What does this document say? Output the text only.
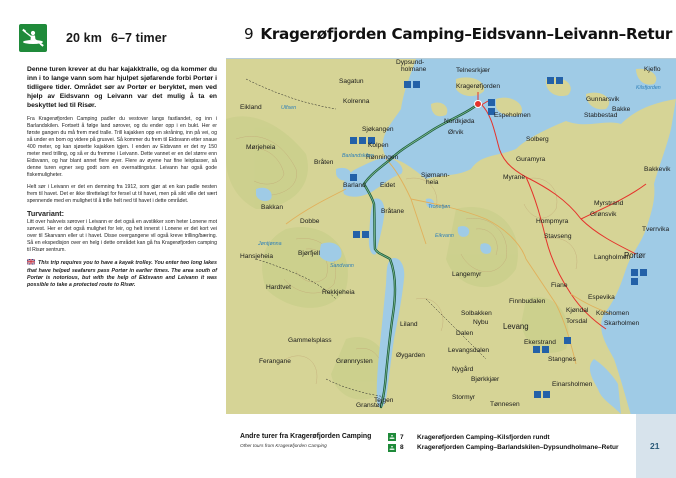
20 km 6–7 timer

Denne turen krever at du har kajakktralle, og da kommer du inn i to lange vann som har hjulpet sjøfarende forbi Portør i tidligere tider. Området sør av Portør er beryktet, men ved hjelp av Eidsvann og Leivann var det mulig å ta en beskyttet led til Risør.

Fra Kragerøfjorden Camping padler du vestover langs fastlandet, og inn i Barlandskilen. Fortsett å følge land sørover, og du ender opp i en bukt. Her er første gangen du må frem med tralle. Trill kajakken opp en skråning, inn på vei, og så under en bom og videre på grusvei. Så kommer du frem til Eidsvann etter snaue 400 meter, og kan sjøsette kajakken igjen. I enden av Eidsvann er det ny 150 meter med trilling, og så er du fremme i Leivann. Dette vannet er en del større enn Eidsvann, og har blant annet flere øyer. Flere av øyene har fine leirplasser, så denne turen egner seg godt som en overnattingstur. Leivann har også gode fiskemuligheter.

Helt sør i Leivann er det en demning fra 1912, som gjør at en kan padle nesten frem til havet. Det er ikke tilrettelagt for fersel ut til havet, men på sikt ville det vært spennende med en mulighet til å trille helt ned til havet i dette området.

Turvariant:

Litt over halvveis sørover i Leivann er det også en avstikker som heter Lonene mot sørvest. Her er det også mulighet for leir, og helt innerst i Lonene er det kort vei over til Skarvann eller ut i havet. Disse overgangene vil også kreve trilling/bæring. Så en ekspedisjon over en helg i dette området kan gå fra Kragerøfjorden camping til Risør sentrum.

This trip requires you to have a kayak trolley. You enter two long lakes that have helped seafarers pass Portør in earlier times. The area south of Portør is notorious, but with the help of Eidsvann and Leivann it was possible to take a protected route to Risør.

9 Kragerøfjorden Camping–Eidsvann–Leivann–Retur
Sagatun
Kolrenna
Eikland	Ulfsen
Mørjeheia
Bråten
Sjøkangen
Kolpen
Rønningen
Barlandskilen
Barland Eidet
Bråtane
Bakkan
Dobbe
Jøntjønna
Hansjeheia	Bjørfjell
Sandvann
Hardtvet
Rekkjeheia
Gammelsplass
Grønnrysten
Ferangane
Granstøl
Tejgen
Telnesrkjær
Dypsund-
holmane
Kragerøfjorden
Espeholmen
Nordkjøda
Ørvik
Solberg
Guramyra
Myrane
Sjømann-
heia
Tronetjøn
Eikvann
Hompmyra
Stavseng
Langemyr
Fiane
Finnbudalen
Solbakken
Liland	Nybu
Dalen
Levangsdalen
Øygarden
Nygård
Bjørkkjær
Stormyr
Tønnesen
Levang
Ekerstrand
Kjøndal
Torsdal
Stangnes
Einarsholmen
Espevika
Kolshomen
Skarholmen
Langholmen
Portør
Myrstrand
Bakkevik
Grønsvik
Stabbestad
Kjeflo
Bakke
Kilsfjorden
Tverrvika
Gunnarsvik
Andre turer fra Kragerøfjorden Camping
Other tours from Kragerøfjorden Camping
7	Kragerøfjorden Camping–Kilsfjorden rundt
8	Kragerøfjorden Camping–Barlandskilen–Dypsundholmane–Retur	21
